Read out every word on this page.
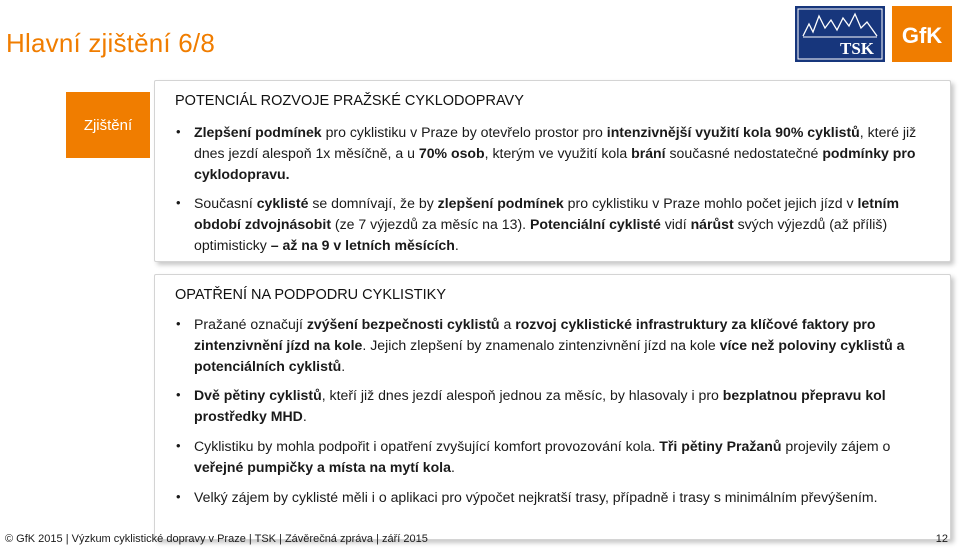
Hlavní zjištění 6/8	TSK
GfK
Zjištění
POTENCIÁL ROZVOJE PRAŽSKÉ CYKLODOPRAVY
• Zlepšení podmínek pro cyklistiku v Praze by otevřelo prostor pro intenzivnější využití kola 90% cyklistů, které již dnes jezdí alespoň 1x měsíčně, a u 70% osob, kterým ve využití kola brání současné nedostatečné podmínky pro cyklodopravu.
• Současní cyklisté se domnívají, že by zlepšení podmínek pro cyklistiku v Praze mohlo počet jejich jízd v letním období zdvojnásobit (ze 7 výjezdů za měsíc na 13). Potenciální cyklisté vidí nárůst svých výjezdů (až příliš) optimisticky – až na 9 v letních měsících.
OPATŘENÍ NA PODPODRU CYKLISTIKY
• Pražané označují zvýšení bezpečnosti cyklistů a rozvoj cyklistické infrastruktury za klíčové faktory pro zintenzivnění jízd na kole. Jejich zlepšení by znamenalo zintenzivnění jízd na kole více než poloviny cyklistů a potenciálních cyklistů.
• Dvě pětiny cyklistů, kteří již dnes jezdí alespoň jednou za měsíc, by hlasovaly i pro bezplatnou přepravu kol prostředky MHD.
• Cyklistiku by mohla podpořit i opatření zvyšující komfort provozování kola. Tři pětiny Pražanů projevily zájem o veřejné pumpičky a místa na mytí kola.
• Velký zájem by cyklisté měli i o aplikaci pro výpočet nejkratší trasy, případně i trasy s minimálním převýšením.
© GfK 2015 | Výzkum cyklistické dopravy v Praze | TSK | Závěrečná zpráva | září 2015	12
